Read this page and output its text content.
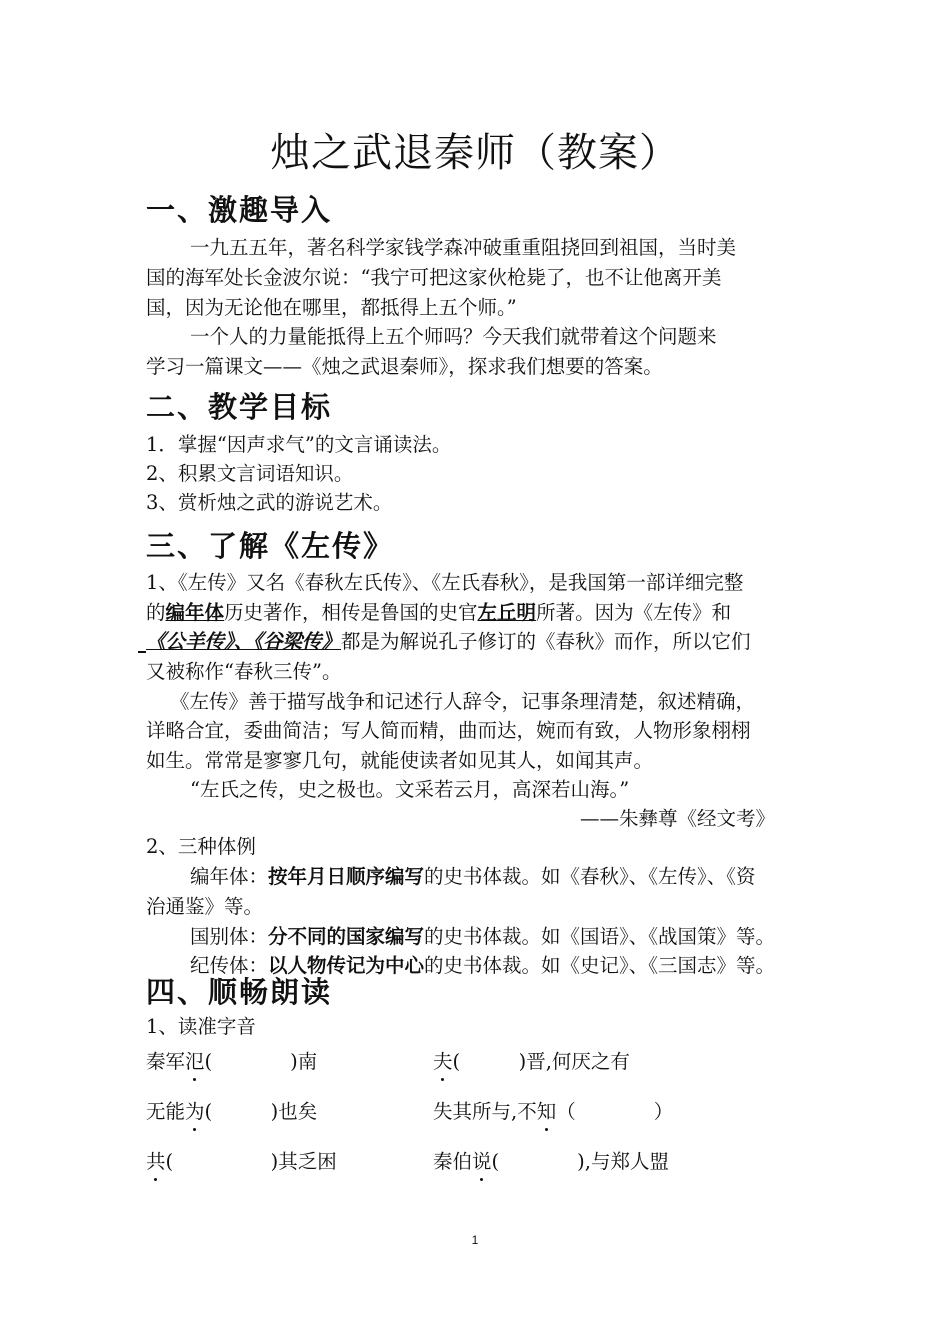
烛之武退秦师（教案）
一、激趣导入
一九五五年，著名科学家钱学森冲破重重阻挠回到祖国，当时美
国的海军处长金波尔说：“我宁可把这家伙枪毙了，也不让他离开美
国，因为无论他在哪里，都抵得上五个师。”
一个人的力量能抵得上五个师吗？今天我们就带着这个问题来
学习一篇课文——《烛之武退秦师》，探求我们想要的答案。
二、教学目标
1．掌握“因声求气”的文言诵读法。
2、积累文言词语知识。
3、赏析烛之武的游说艺术。
三、了解《左传》
1、《左传》又名《春秋左氏传》、《左氏春秋》，是我国第一部详细完整
的编年体历史著作，相传是鲁国的史官左丘明所著。因为《左传》和
《公羊传》、《谷梁传》都是为解说孔子修订的《春秋》而作，所以它们
又被称作“春秋三传”。
《左传》善于描写战争和记述行人辞令，记事条理清楚，叙述精确，
详略合宜，委曲简洁；写人简而精，曲而达，婉而有致，人物形象栩栩
如生。常常是寥寥几句，就能使读者如见其人，如闻其声。
“左氏之传，史之极也。文采若云月，高深若山海。”
——朱彝尊《经文考》
2、三种体例
编年体：按年月日顺序编写的史书体裁。如《春秋》、《左传》、《资
治通鉴》等。
国别体：分不同的国家编写的史书体裁。如《国语》、《战国策》等。
纪传体：以人物传记为中心的史书体裁。如《史记》、《三国志》等。
四、顺畅朗读
1、读准字音
秦军氾(　　　　)南	夫(　　　)晋,何厌之有
无能为(　　　)也矣	失其所与,不知（　　　　）
共(　　　　　)其乏困	秦伯说(　　　　),与郑人盟
1
